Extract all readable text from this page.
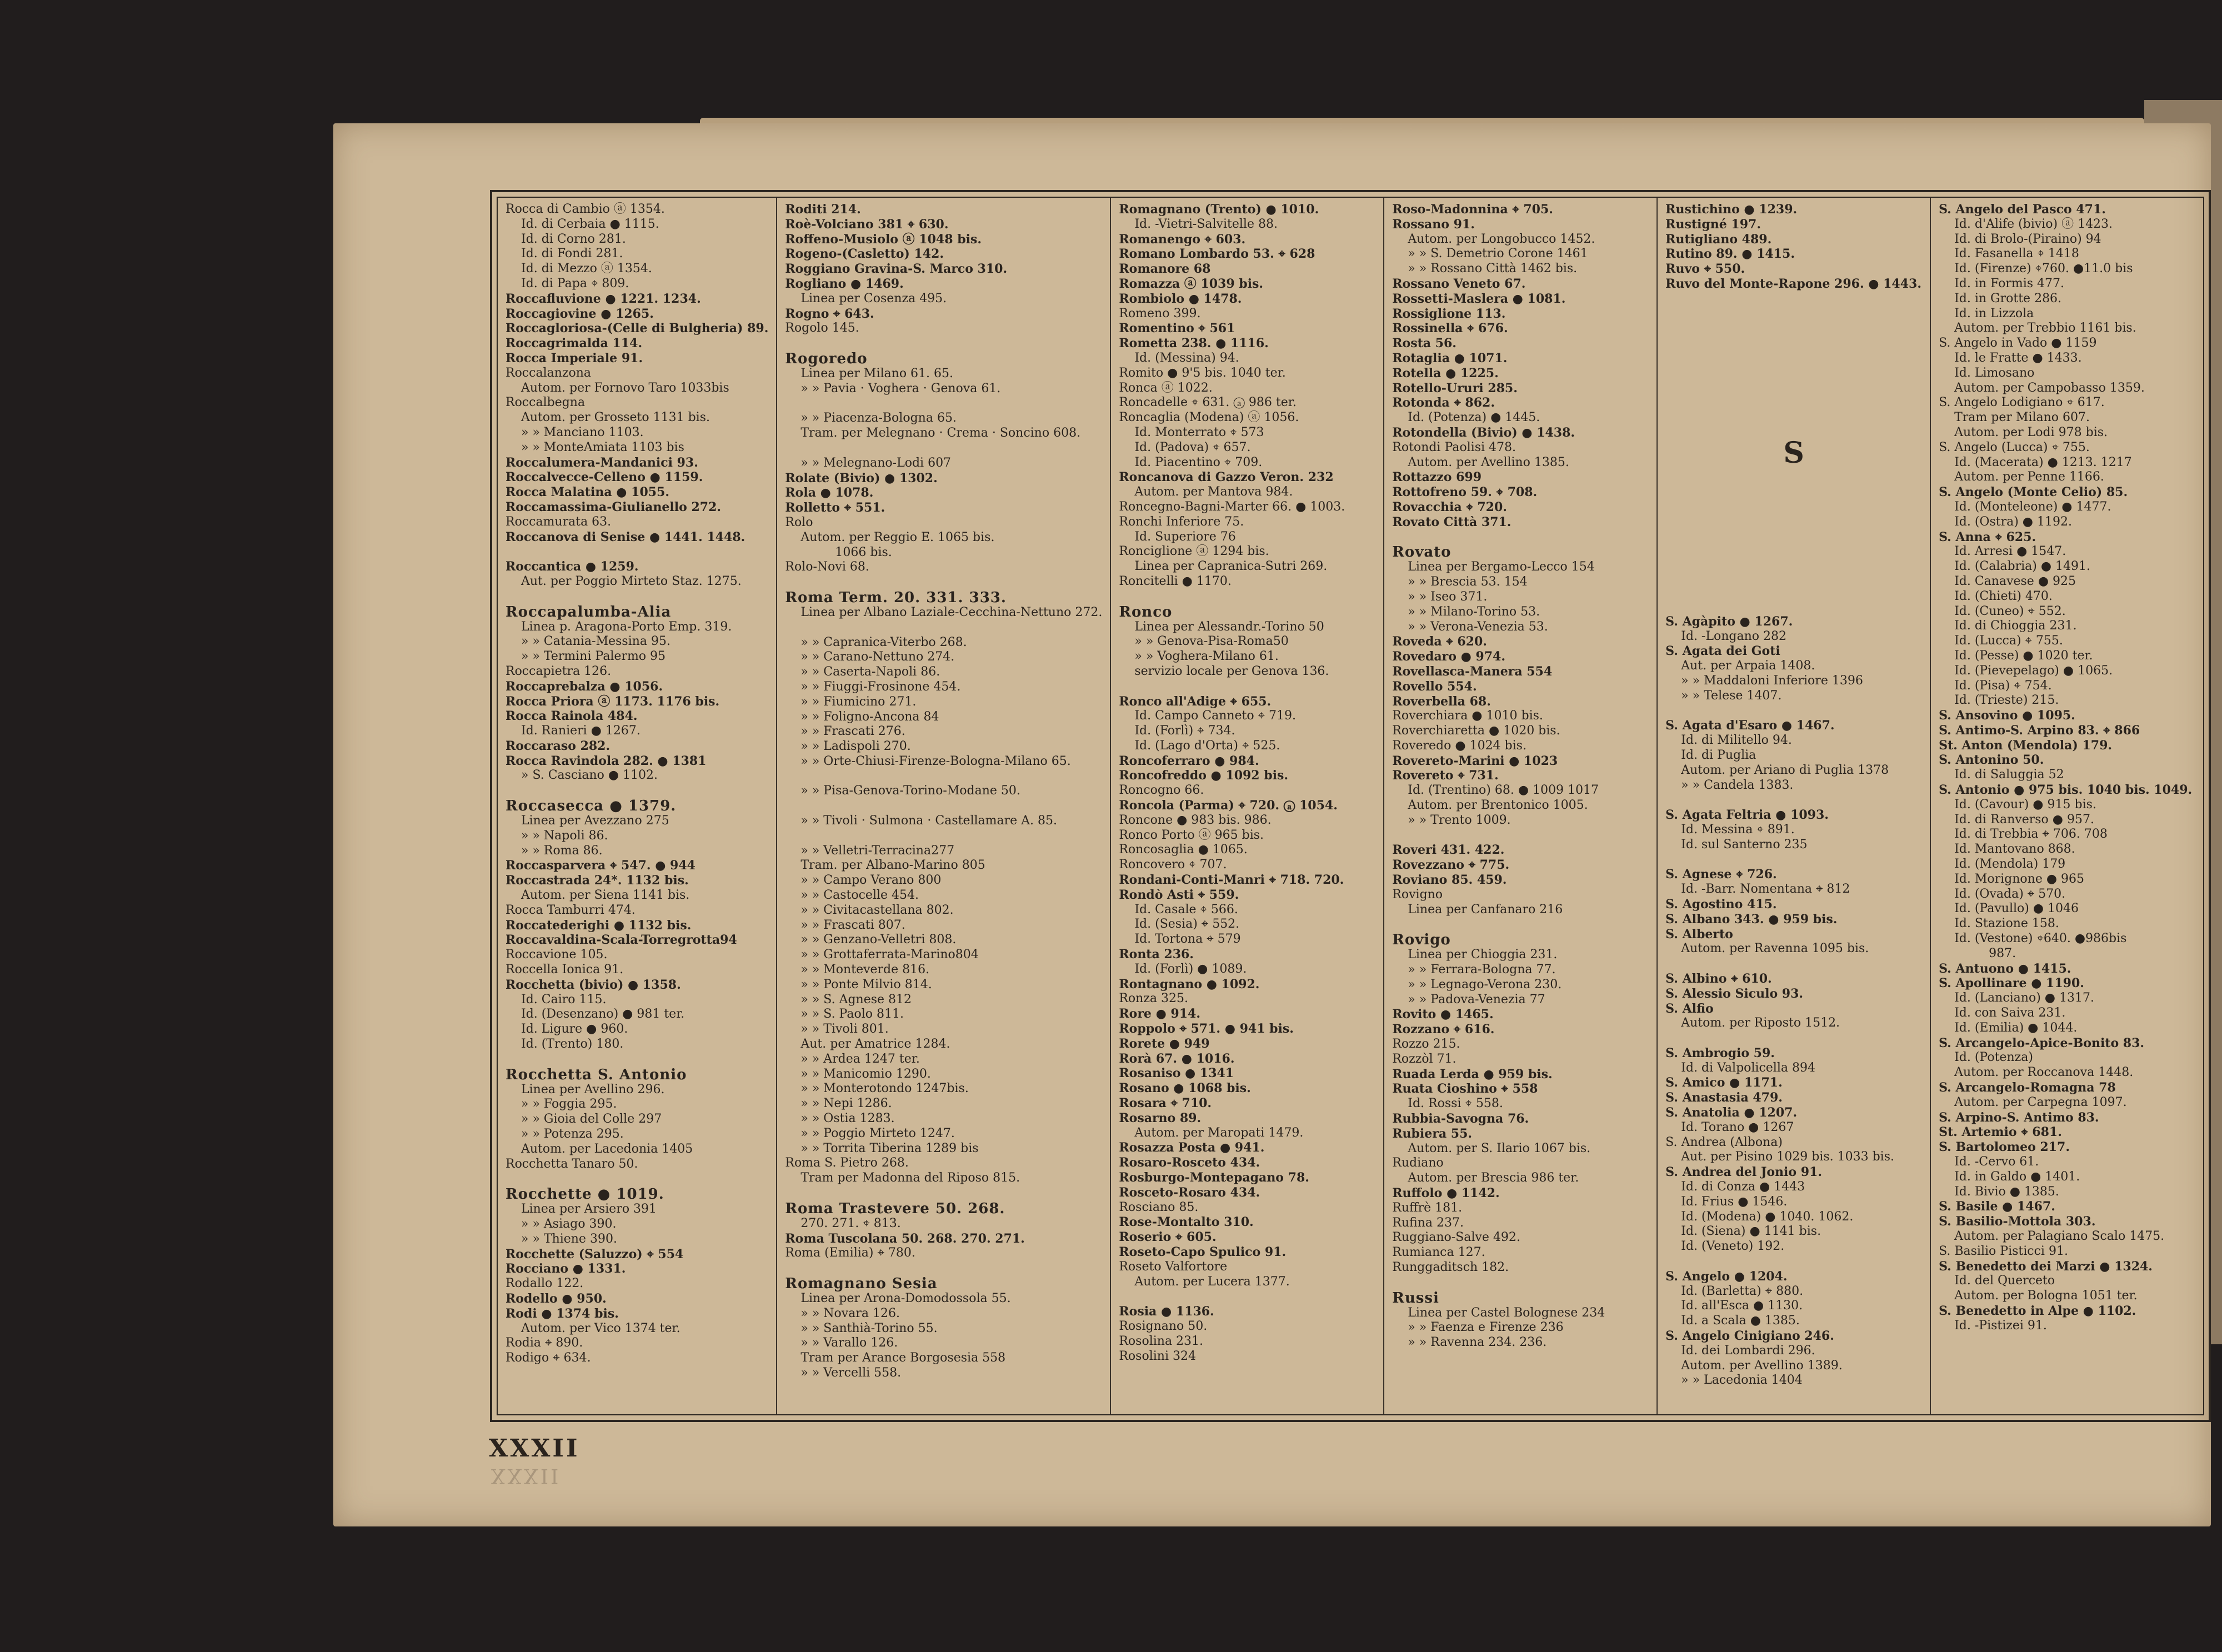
Rocca di Cambio ⓐ 1354.
Id. di Cerbaia ● 1115.
Id. di Corno 281.
Id. di Fondi 281.
Id. di Mezzo ⓐ 1354.
Id. di Papa ⌖ 809.
Roccafluvione ● 1221. 1234.
Roccagiovine ● 1265.
Roccagloriosa-(Celle di Bulgheria) 89.
Roccagrimalda 114.
Rocca Imperiale 91.
Roccalanzona
Autom. per Fornovo Taro 1033bis
Roccalbegna
Autom. per Grosseto 1131 bis.
» » Manciano 1103.
» » MonteAmiata 1103 bis
Roccalumera-Mandanici 93.
Roccalvecce-Celleno ● 1159.
Rocca Malatina ● 1055.
Roccamassima-Giulianello 272.
Roccamurata 63.
Roccanova di Senise ● 1441. 1448.

Roccantica ● 1259.
Aut. per Poggio Mirteto Staz. 1275.

Roccapalumba-Alia
Linea p. Aragona-Porto Emp. 319.
» » Catania-Messina 95.
» » Termini Palermo 95
Roccapietra 126.
Roccaprebalza ● 1056.
Rocca Priora ⓐ 1173. 1176 bis.
Rocca Rainola 484.
Id. Ranieri ● 1267.
Roccaraso 282.
Rocca Ravindola 282. ● 1381
» S. Casciano ● 1102.

Roccasecca ● 1379.
Linea per Avezzano 275
» » Napoli 86.
» » Roma 86.
Roccasparvera ⌖ 547. ● 944
Roccastrada 24*. 1132 bis.
Autom. per Siena 1141 bis.
Rocca Tamburri 474.
Roccatederighi ● 1132 bis.
Roccavaldina-Scala-Torregrotta94
Roccavione 105.
Roccella Ionica 91.
Rocchetta (bivio) ● 1358.
Id. Cairo 115.
Id. (Desenzano) ● 981 ter.
Id. Ligure ● 960.
Id. (Trento) 180.

Rocchetta S. Antonio
Linea per Avellino 296.
» » Foggia 295.
» » Gioia del Colle 297
» » Potenza 295.
Autom. per Lacedonia 1405
Rocchetta Tanaro 50.

Rocchette ● 1019.
Linea per Arsiero 391
» » Asiago 390.
» » Thiene 390.
Rocchette (Saluzzo) ⌖ 554
Rocciano ● 1331.
Rodallo 122.
Rodello ● 950.
Rodi ● 1374 bis.
Autom. per Vico 1374 ter.
Rodia ⌖ 890.
Rodigo ⌖ 634.
Roditi 214.
Roè-Volciano 381 ⌖ 630.
Roffeno-Musiolo ⓐ 1048 bis.
Rogeno-(Casletto) 142.
Roggiano Gravina-S. Marco 310.
Rogliano ● 1469.
Linea per Cosenza 495.
Rogno ⌖ 643.
Rogolo 145.

Rogoredo
Linea per Milano 61. 65.
» » Pavia · Voghera · Genova 61.

» » Piacenza-Bologna 65.
Tram. per Melegnano · Crema · Soncino 608.

» » Melegnano-Lodi 607
Rolate (Bivio) ● 1302.
Rola ● 1078.
Rolletto ⌖ 551.
Rolo
Autom. per Reggio E. 1065 bis.
1066 bis.
Rolo-Novi 68.

Roma Term. 20. 331. 333.
Linea per Albano Laziale-Cecchina-Nettuno 272.

» » Capranica-Viterbo 268.
» » Carano-Nettuno 274.
» » Caserta-Napoli 86.
» » Fiuggi-Frosinone 454.
» » Fiumicino 271.
» » Foligno-Ancona 84
» » Frascati 276.
» » Ladispoli 270.
» » Orte-Chiusi-Firenze-Bologna-Milano 65.

» » Pisa-Genova-Torino-Modane 50.

» » Tivoli · Sulmona · Castellamare A. 85.

» » Velletri-Terracina277
Tram. per Albano-Marino 805
» » Campo Verano 800
» » Castocelle 454.
» » Civitacastellana 802.
» » Frascati 807.
» » Genzano-Velletri 808.
» » Grottaferrata-Marino804
» » Monteverde 816.
» » Ponte Milvio 814.
» » S. Agnese 812
» » S. Paolo 811.
» » Tivoli 801.
Aut. per Amatrice 1284.
» » Ardea 1247 ter.
» » Manicomio 1290.
» » Monterotondo 1247bis.
» » Nepi 1286.
» » Ostia 1283.
» » Poggio Mirteto 1247.
» » Torrita Tiberina 1289 bis
Roma S. Pietro 268.
Tram per Madonna del Riposo 815.

Roma Trastevere 50. 268.
270. 271. ⌖ 813.
Roma Tuscolana 50. 268. 270. 271.
Roma (Emilia) ⌖ 780.

Romagnano Sesia
Linea per Arona-Domodossola 55.
» » Novara 126.
» » Santhià-Torino 55.
» » Varallo 126.
Tram per Arance Borgosesia 558
» » Vercelli 558.
Romagnano (Trento) ● 1010.
Id. -Vietri-Salvitelle 88.
Romanengo ⌖ 603.
Romano Lombardo 53. ⌖ 628
Romanore 68
Romazza ⓐ 1039 bis.
Rombiolo ● 1478.
Romeno 399.
Romentino ⌖ 561
Rometta 238. ● 1116.
Id. (Messina) 94.
Romito ● 9'5 bis. 1040 ter.
Ronca ⓐ 1022.
Roncadelle ⌖ 631. ⓐ 986 ter.
Roncaglia (Modena) ⓐ 1056.
Id. Monterrato ⌖ 573
Id. (Padova) ⌖ 657.
Id. Piacentino ⌖ 709.
Roncanova di Gazzo Veron. 232
Autom. per Mantova 984.
Roncegno-Bagni-Marter 66. ● 1003.
Ronchi Inferiore 75.
Id. Superiore 76
Ronciglione ⓐ 1294 bis.
Linea per Capranica-Sutri 269.
Roncitelli ● 1170.

Ronco
Linea per Alessandr.-Torino 50
» » Genova-Pisa-Roma50
» » Voghera-Milano 61.
servizio locale per Genova 136.

Ronco all'Adige ⌖ 655.
Id. Campo Canneto ⌖ 719.
Id. (Forlì) ⌖ 734.
Id. (Lago d'Orta) ⌖ 525.
Roncoferraro ● 984.
Roncofreddo ● 1092 bis.
Roncogno 66.
Roncola (Parma) ⌖ 720. ⓐ 1054.
Roncone ● 983 bis. 986.
Ronco Porto ⓐ 965 bis.
Roncosaglia ● 1065.
Roncovero ⌖ 707.
Rondani-Conti-Manri ⌖ 718. 720.
Rondò Asti ⌖ 559.
Id. Casale ⌖ 566.
Id. (Sesia) ⌖ 552.
Id. Tortona ⌖ 579
Ronta 236.
Id. (Forlì) ● 1089.
Rontagnano ● 1092.
Ronza 325.
Rore ● 914.
Roppolo ⌖ 571. ● 941 bis.
Rorete ● 949
Rorà 67. ● 1016.
Rosaniso ● 1341
Rosano ● 1068 bis.
Rosara ⌖ 710.
Rosarno 89.
Autom. per Maropati 1479.
Rosazza Posta ● 941.
Rosaro-Rosceto 434.
Rosburgo-Montepagano 78.
Rosceto-Rosaro 434.
Rosciano 85.
Rose-Montalto 310.
Roserio ⌖ 605.
Roseto-Capo Spulico 91.
Roseto Valfortore
Autom. per Lucera 1377.

Rosia ● 1136.
Rosignano 50.
Rosolina 231.
Rosolini 324
Roso-Madonnina ⌖ 705.
Rossano 91.
Autom. per Longobucco 1452.
» » S. Demetrio Corone 1461
» » Rossano Città 1462 bis.
Rossano Veneto 67.
Rossetti-Maslera ● 1081.
Rossiglione 113.
Rossinella ⌖ 676.
Rosta 56.
Rotaglia ● 1071.
Rotella ● 1225.
Rotello-Ururi 285.
Rotonda ⌖ 862.
Id. (Potenza) ● 1445.
Rotondella (Bivio) ● 1438.
Rotondi Paolisi 478.
Autom. per Avellino 1385.
Rottazzo 699
Rottofreno 59. ⌖ 708.
Rovacchia ⌖ 720.
Rovato Città 371.

Rovato
Linea per Bergamo-Lecco 154
» » Brescia 53. 154
» » Iseo 371.
» » Milano-Torino 53.
» » Verona-Venezia 53.
Roveda ⌖ 620.
Rovedaro ● 974.
Rovellasca-Manera 554
Rovello 554.
Roverbella 68.
Roverchiara ● 1010 bis.
Roverchiaretta ● 1020 bis.
Roveredo ● 1024 bis.
Rovereto-Marini ● 1023
Rovereto ⌖ 731.
Id. (Trentino) 68. ● 1009 1017
Autom. per Brentonico 1005.
» » Trento 1009.

Roveri 431. 422.
Rovezzano ⌖ 775.
Roviano 85. 459.
Rovigno
Linea per Canfanaro 216

Rovigo
Linea per Chioggia 231.
» » Ferrara-Bologna 77.
» » Legnago-Verona 230.
» » Padova-Venezia 77
Rovito ● 1465.
Rozzano ⌖ 616.
Rozzo 215.
Rozzòl 71.
Ruada Lerda ● 959 bis.
Ruata Cioshino ⌖ 558
Id. Rossi ⌖ 558.
Rubbia-Savogna 76.
Rubiera 55.
Autom. per S. Ilario 1067 bis.
Rudiano
Autom. per Brescia 986 ter.
Ruffolo ● 1142.
Ruffrè 181.
Rufina 237.
Ruggiano-Salve 492.
Rumianca 127.
Runggaditsch 182.

Russi
Linea per Castel Bolognese 234
» » Faenza e Firenze 236
» » Ravenna 234. 236.
Rustichino ● 1239.
Rustigné 197.
Rutigliano 489.
Rutino 89. ● 1415.
Ruvo ⌖ 550.
Ruvo del Monte-Rapone 296. ● 1443.
S
S. Agàpito ● 1267.
Id. -Longano 282
S. Agata dei Goti
Aut. per Arpaia 1408.
» » Maddaloni Inferiore 1396
» » Telese 1407.

S. Agata d'Esaro ● 1467.
Id. di Militello 94.
Id. di Puglia
Autom. per Ariano di Puglia 1378
» » Candela 1383.

S. Agata Feltria ● 1093.
Id. Messina ⌖ 891.
Id. sul Santerno 235

S. Agnese ⌖ 726.
Id. -Barr. Nomentana ⌖ 812
S. Agostino 415.
S. Albano 343. ● 959 bis.
S. Alberto
Autom. per Ravenna 1095 bis.

S. Albino ⌖ 610.
S. Alessio Siculo 93.
S. Alfio
Autom. per Riposto 1512.

S. Ambrogio 59.
Id. di Valpolicella 894
S. Amico ● 1171.
S. Anastasia 479.
S. Anatolia ● 1207.
Id. Torano ● 1267
S. Andrea (Albona)
Aut. per Pisino 1029 bis. 1033 bis.
S. Andrea del Jonio 91.
Id. di Conza ● 1443
Id. Frius ● 1546.
Id. (Modena) ● 1040. 1062.
Id. (Siena) ● 1141 bis.
Id. (Veneto) 192.

S. Angelo ● 1204.
Id. (Barletta) ⌖ 880.
Id. all'Esca ● 1130.
Id. a Scala ● 1385.
S. Angelo Cinigiano 246.
Id. dei Lombardi 296.
Autom. per Avellino 1389.
» » Lacedonia 1404
S. Angelo del Pasco 471.
Id. d'Alife (bivio) ⓐ 1423.
Id. di Brolo-(Piraino) 94
Id. Fasanella ⌖ 1418
Id. (Firenze) ⌖760. ●11.0 bis
Id. in Formis 477.
Id. in Grotte 286.
Id. in Lizzola
Autom. per Trebbio 1161 bis.
S. Angelo in Vado ● 1159
Id. le Fratte ● 1433.
Id. Limosano
Autom. per Campobasso 1359.
S. Angelo Lodigiano ⌖ 617.
Tram per Milano 607.
Autom. per Lodi 978 bis.
S. Angelo (Lucca) ⌖ 755.
Id. (Macerata) ● 1213. 1217
Autom. per Penne 1166.
S. Angelo (Monte Celio) 85.
Id. (Monteleone) ● 1477.
Id. (Ostra) ● 1192.
S. Anna ⌖ 625.
Id. Arresi ● 1547.
Id. (Calabria) ● 1491.
Id. Canavese ● 925
Id. (Chieti) 470.
Id. (Cuneo) ⌖ 552.
Id. di Chioggia 231.
Id. (Lucca) ⌖ 755.
Id. (Pesse) ● 1020 ter.
Id. (Pievepelago) ● 1065.
Id. (Pisa) ⌖ 754.
Id. (Trieste) 215.
S. Ansovino ● 1095.
S. Antimo-S. Arpino 83. ⌖ 866
St. Anton (Mendola) 179.
S. Antonino 50.
Id. di Saluggia 52
S. Antonio ● 975 bis. 1040 bis. 1049.
Id. (Cavour) ● 915 bis.
Id. di Ranverso ● 957.
Id. di Trebbia ⌖ 706. 708
Id. Mantovano 868.
Id. (Mendola) 179
Id. Morignone ● 965
Id. (Ovada) ⌖ 570.
Id. (Pavullo) ● 1046
Id. Stazione 158.
Id. (Vestone) ⌖640. ●986bis
987.
S. Antuono ● 1415.
S. Apollinare ● 1190.
Id. (Lanciano) ● 1317.
Id. con Saiva 231.
Id. (Emilia) ● 1044.
S. Arcangelo-Apice-Bonito 83.
Id. (Potenza)
Autom. per Roccanova 1448.
S. Arcangelo-Romagna 78
Autom. per Carpegna 1097.
S. Arpino-S. Antimo 83.
St. Artemio ⌖ 681.
S. Bartolomeo 217.
Id. -Cervo 61.
Id. in Galdo ● 1401.
Id. Bivio ● 1385.
S. Basile ● 1467.
S. Basilio-Mottola 303.
Autom. per Palagiano Scalo 1475.
S. Basilio Pisticci 91.
S. Benedetto dei Marzi ● 1324.
Id. del Querceto
Autom. per Bologna 1051 ter.
S. Benedetto in Alpe ● 1102.
Id. -Pistizei 91.
XXXII
XXXII
